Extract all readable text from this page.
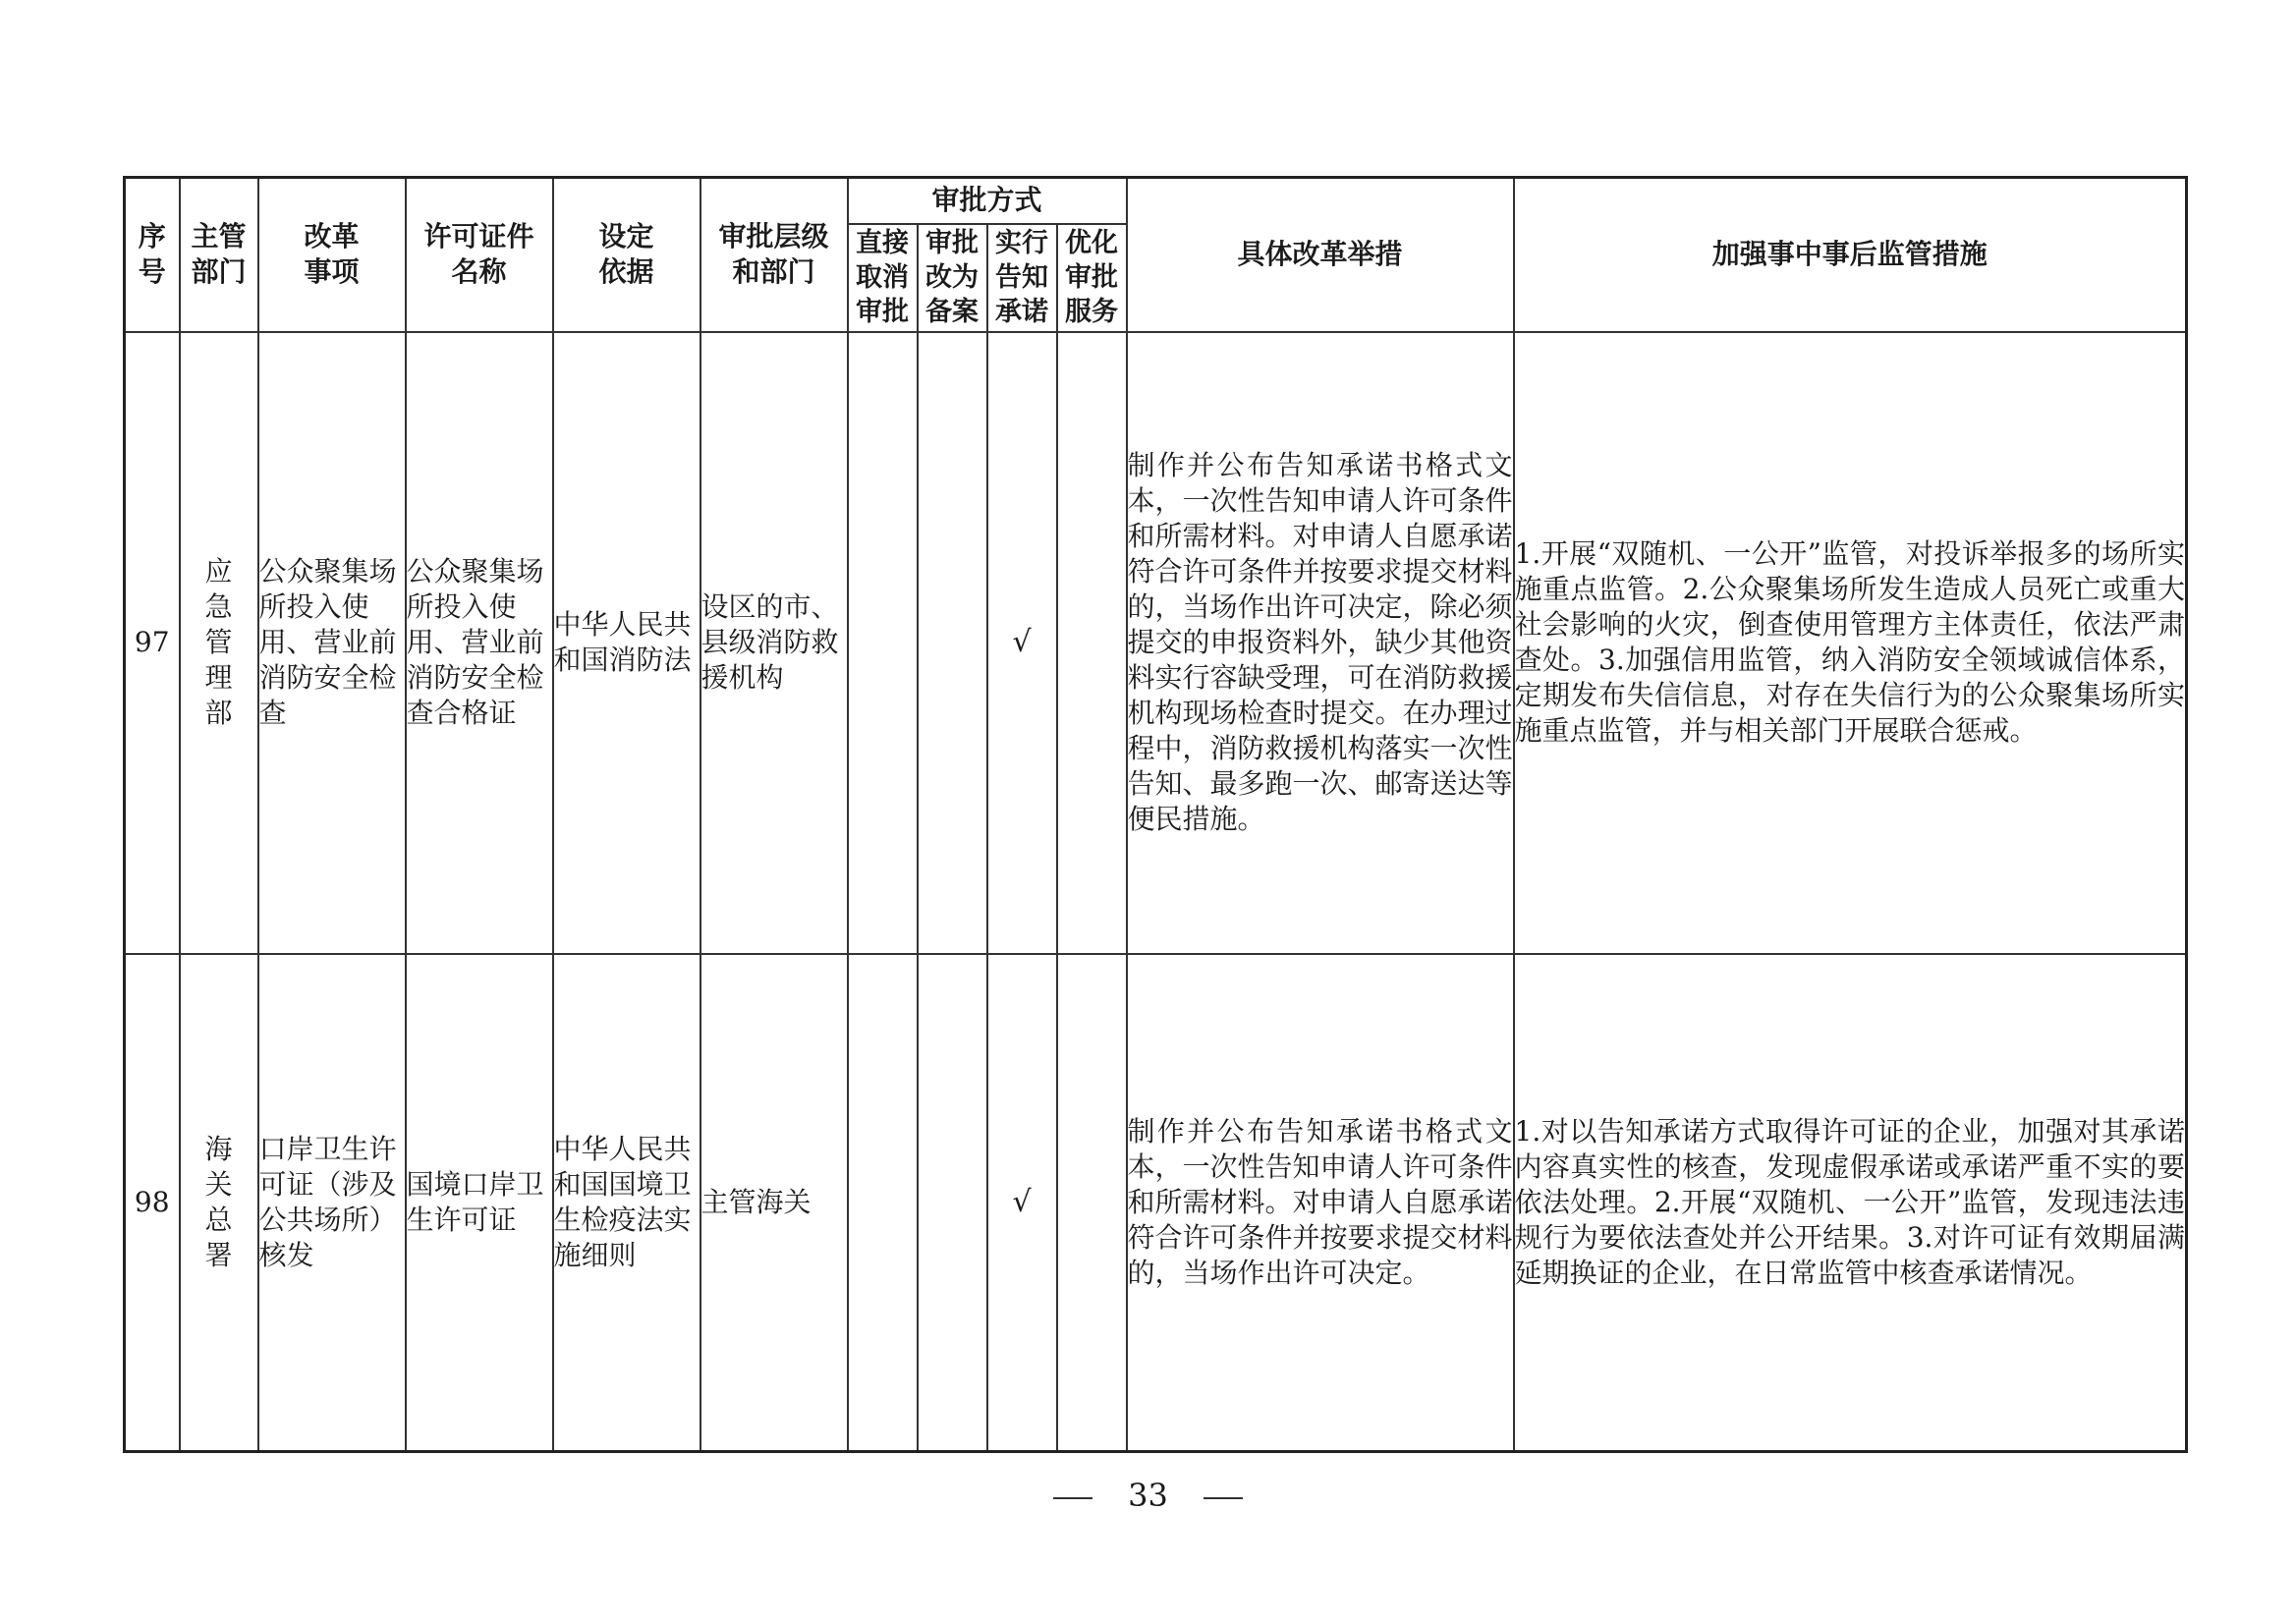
序号	主管部门	改革事项	许可证件名称	设定依据	审批层级和部门	审批方式				具体改革举措	加强事中事后监管措施

						直接取消审批	审批改为备案	实行告知承诺	优化审批服务		

97	应急管理部	公众聚集场所投入使用、营业前消防安全检查	公众聚集场所投入使用、营业前消防安全检查合格证	中华人民共和国消防法	设区的市、县级消防救援机构			√		制作并公布告知承诺书格式文本，一次性告知申请人许可条件和所需材料。对申请人自愿承诺符合许可条件并按要求提交材料的，当场作出许可决定，除必须提交的申报资料外，缺少其他资料实行容缺受理，可在消防救援机构现场检查时提交。在办理过程中，消防救援机构落实一次性告知、最多跑一次、邮寄送达等便民措施。	1.开展“双随机、一公开”监管，对投诉举报多的场所实施重点监管。2.公众聚集场所发生造成人员死亡或重大社会影响的火灾，倒查使用管理方主体责任，依法严肃查处。3.加强信用监管，纳入消防安全领域诚信体系，定期发布失信信息，对存在失信行为的公众聚集场所实施重点监管，并与相关部门开展联合惩戒。
98	海关总署	口岸卫生许可证（涉及公共场所）核发	国境口岸卫生许可证	中华人民共和国国境卫生检疫法实施细则	主管海关			√		制作并公布告知承诺书格式文本，一次性告知申请人许可条件和所需材料。对申请人自愿承诺符合许可条件并按要求提交材料的，当场作出许可决定。	1.对以告知承诺方式取得许可证的企业，加强对其承诺内容真实性的核查，发现虚假承诺或承诺严重不实的要依法处理。2.开展“双随机、一公开”监管，发现违法违规行为要依法查处并公开结果。3.对许可证有效期届满延期换证的企业，在日常监管中核查承诺情况。
33
